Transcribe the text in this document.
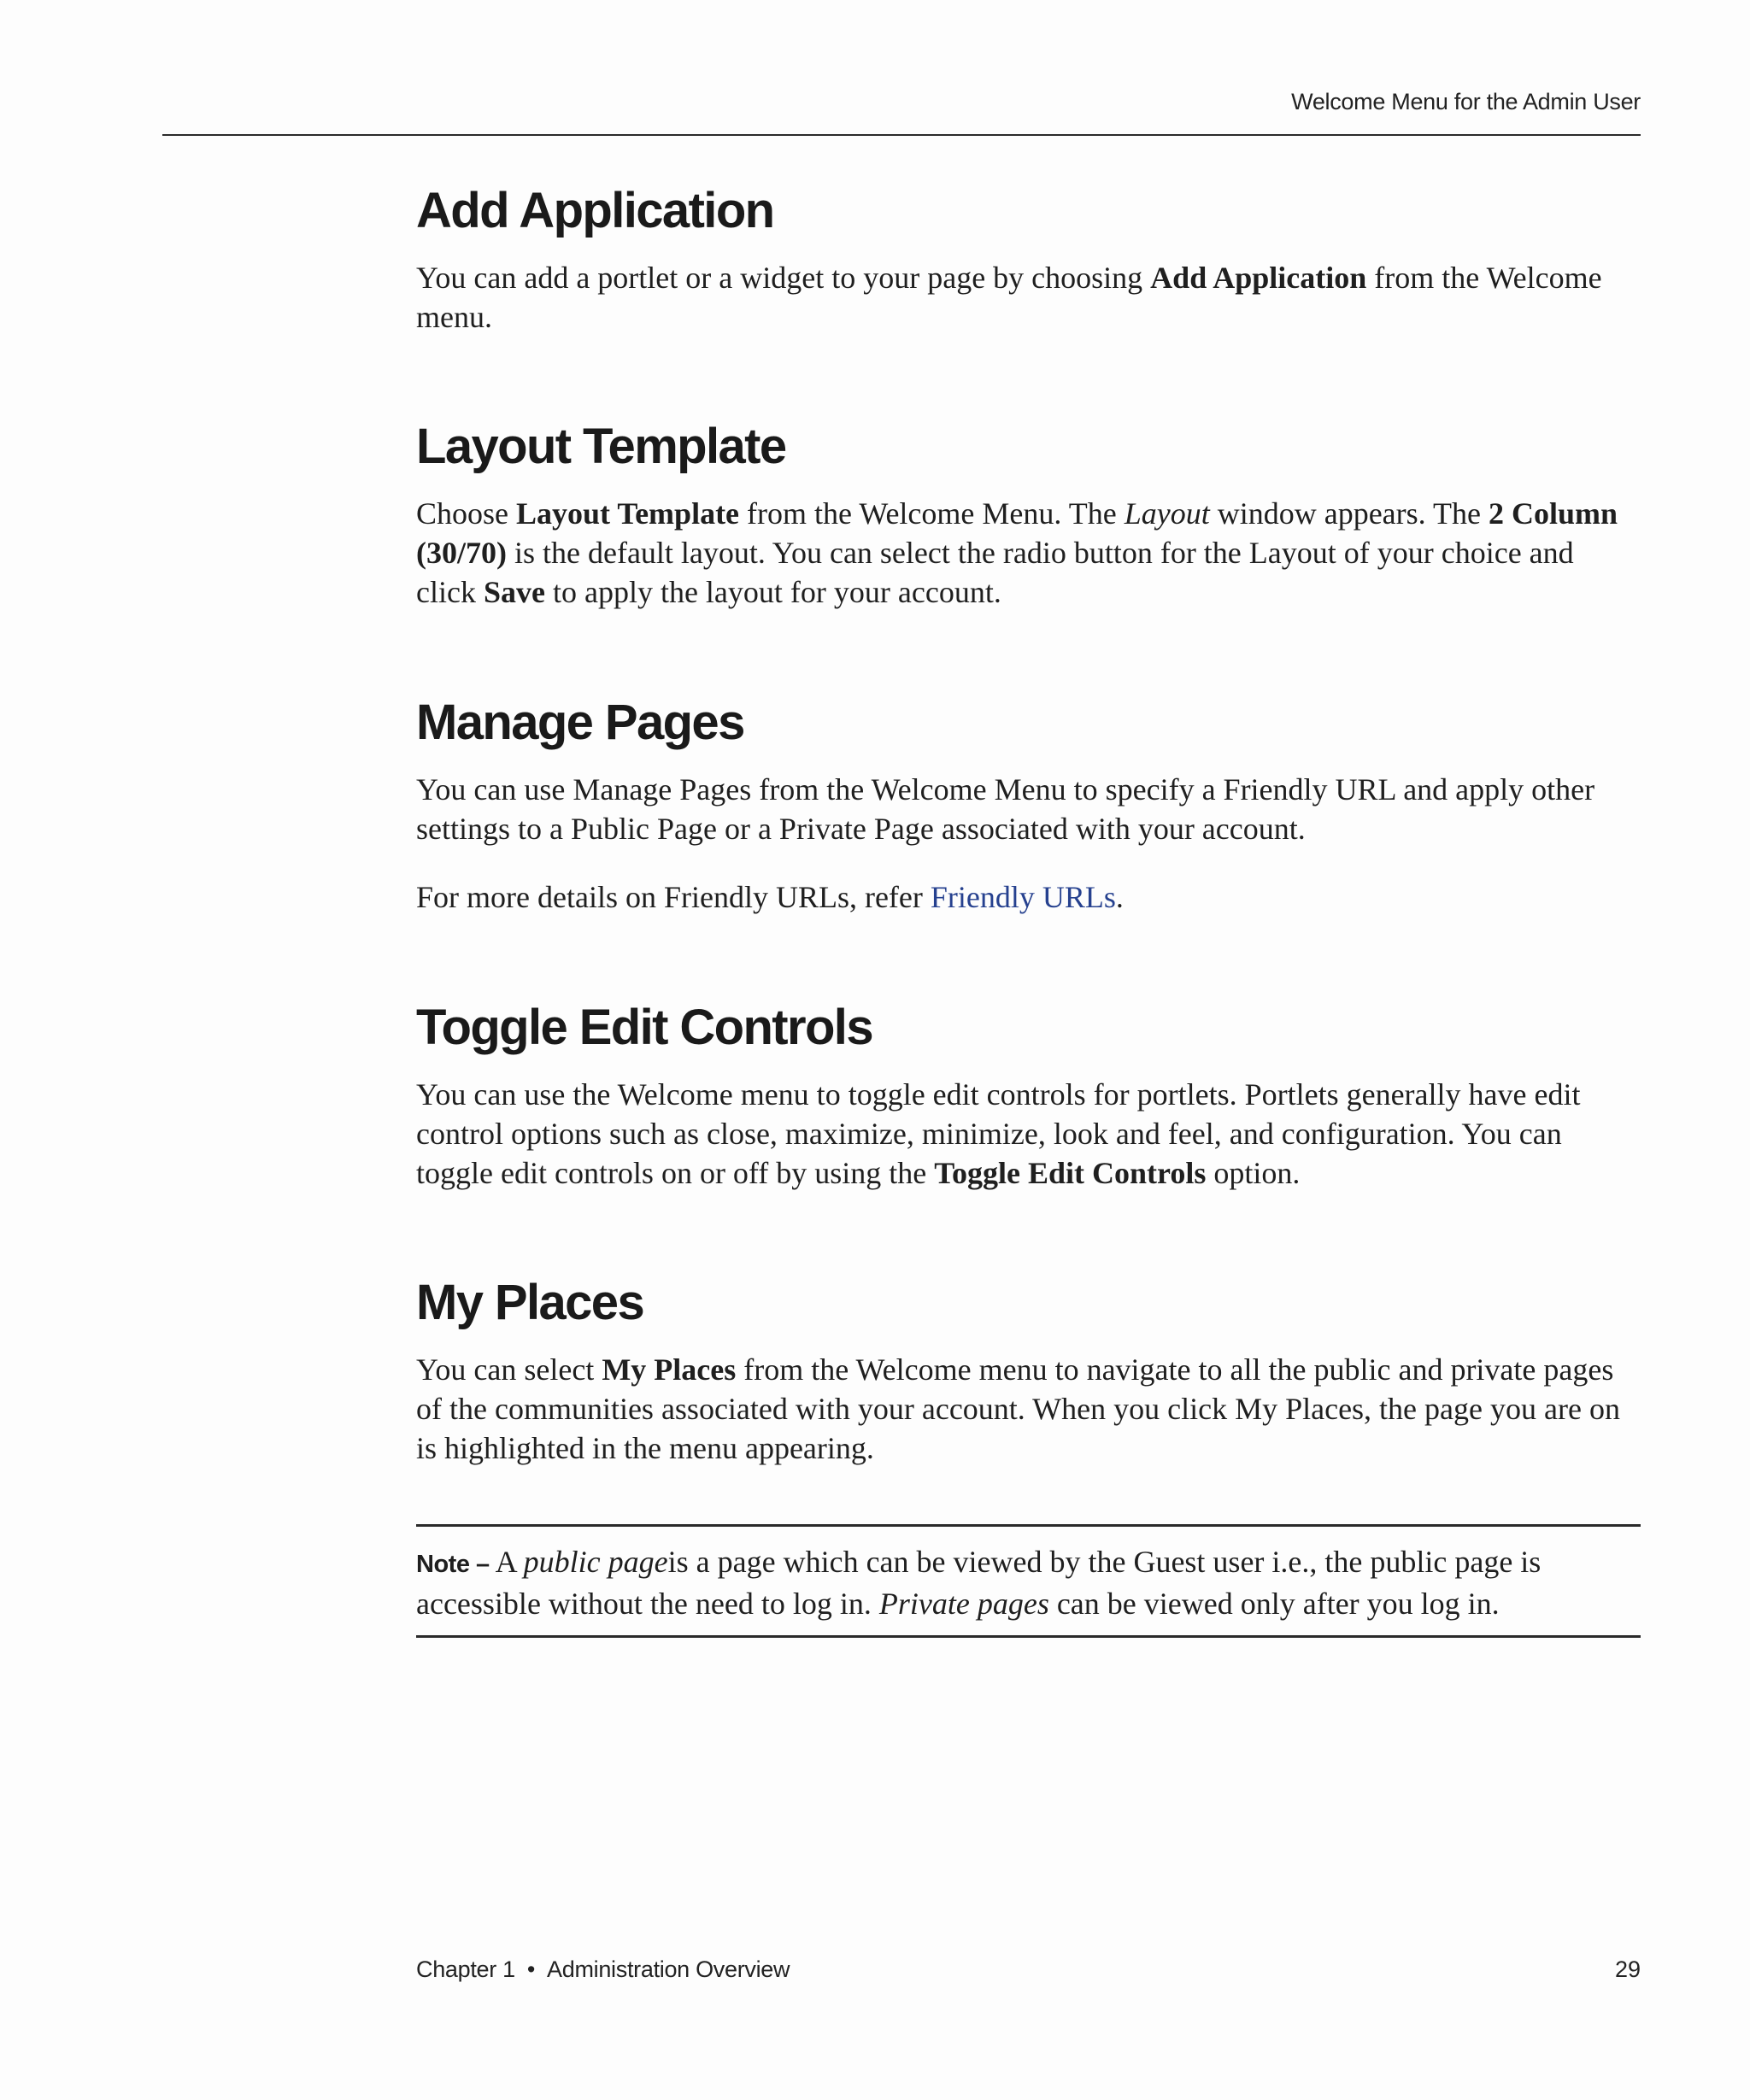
Welcome Menu for the Admin User
Add Application

You can add a portlet or a widget to your page by choosing Add Application from the Welcome menu.

Layout Template

Choose Layout Template from the Welcome Menu. The Layout window appears. The 2 Column (30/70) is the default layout. You can select the radio button for the Layout of your choice and click Save to apply the layout for your account.

Manage Pages

You can use Manage Pages from the Welcome Menu to specify a Friendly URL and apply other settings to a Public Page or a Private Page associated with your account.

For more details on Friendly URLs, refer Friendly URLs.

Toggle Edit Controls

You can use the Welcome menu to toggle edit controls for portlets. Portlets generally have edit control options such as close, maximize, minimize, look and feel, and configuration. You can toggle edit controls on or off by using the Toggle Edit Controls option.

My Places

You can select My Places from the Welcome menu to navigate to all the public and private pages of the communities associated with your account. When you click My Places, the page you are on is highlighted in the menu appearing.

Note – A public pageis a page which can be viewed by the Guest user i.e., the public page is accessible without the need to log in. Private pages can be viewed only after you log in.

Chapter 1 • Administration Overview	29
